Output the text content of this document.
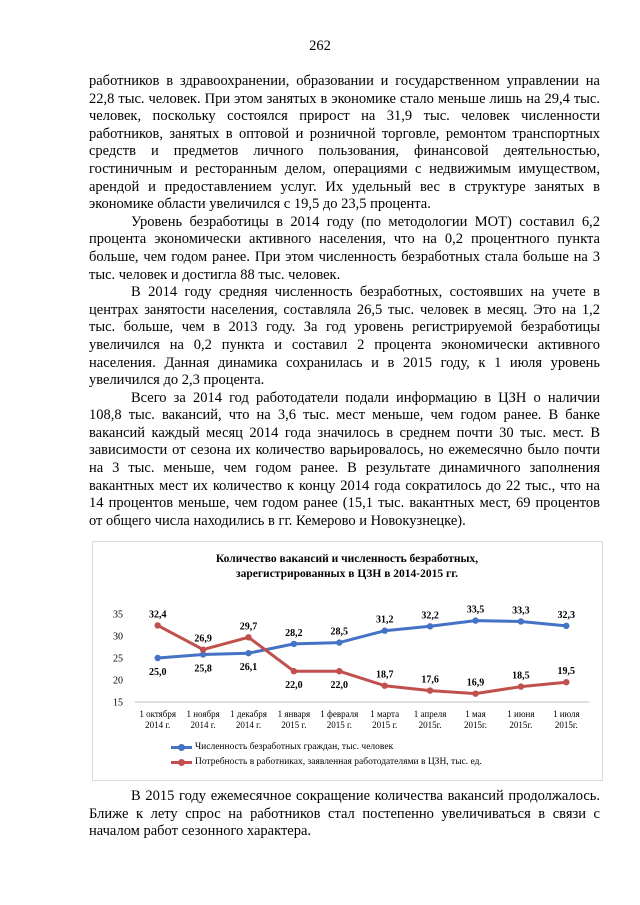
262

работников в здравоохранении, образовании и государственном управлении на 22,8 тыс. человек. При этом занятых в экономике стало меньше лишь на 29,4 тыс. человек, поскольку состоялся прирост на 31,9 тыс. человек численности работников, занятых в оптовой и розничной торговле, ремонтом транспортных средств и предметов личного пользования, финансовой деятельностью, гостиничным и ресторанным делом, операциями с недвижимым имуществом, арендой и предоставлением услуг. Их удельный вес в структуре занятых в экономике области увеличился с 19,5 до 23,5 процента.

Уровень безработицы в 2014 году (по методологии МОТ) составил 6,2 процента экономически активного населения, что на 0,2 процентного пункта больше, чем годом ранее. При этом численность безработных стала больше на 3 тыс. человек и достигла 88 тыс. человек.

В 2014 году средняя численность безработных, состоявших на учете в центрах занятости населения, составляла 26,5 тыс. человек в месяц. Это на 1,2 тыс. больше, чем в 2013 году. За год уровень регистрируемой безработицы увеличился на 0,2 пункта и составил 2 процента экономически активного населения. Данная динамика сохранилась и в 2015 году, к 1 июля уровень увеличился до 2,3 процента.

Всего за 2014 год работодатели подали информацию в ЦЗН о наличии 108,8 тыс. вакансий, что на 3,6 тыс. мест меньше, чем годом ранее. В банке вакансий каждый месяц 2014 года значилось в среднем почти 30 тыс. мест. В зависимости от сезона их количество варьировалось, но ежемесячно было почти на 3 тыс. меньше, чем годом ранее. В результате динамичного заполнения вакантных мест их количество к концу 2014 года сократилось до 22 тыс., что на 14 процентов меньше, чем годом ранее (15,1 тыс. вакантных мест, 69 процентов от общего числа находились в гг. Кемерово и Новокузнецке).

Количество вакансий и численность безработных,
зарегистрированных в ЦЗН в 2014-2015 гг.
15
20
25
30
35
1 октября
2014 г.
1 ноября
2014 г.
1 декабря
2014 г.
1 января
2015 г.
1 февраля
2015 г.
1 марта
2015 г.
1 апреля
2015г.
1 мая
2015г.
1 июня
2015г.
1 июля
2015г.
25,0	25,8	26,1
28,2	28,5
31,2	32,2
33,5	33,3	32,3
32,4
26,9
29,7
22,0	22,0
18,7	17,6	16,9
18,5	19,5
Численность безработных граждан, тыс. человек
Потребность в работниках, заявленная работодателями в ЦЗН, тыс. ед.

В 2015 году ежемесячное сокращение количества вакансий продолжалось. Ближе к лету спрос на работников стал постепенно увеличиваться в связи с началом работ сезонного характера.
